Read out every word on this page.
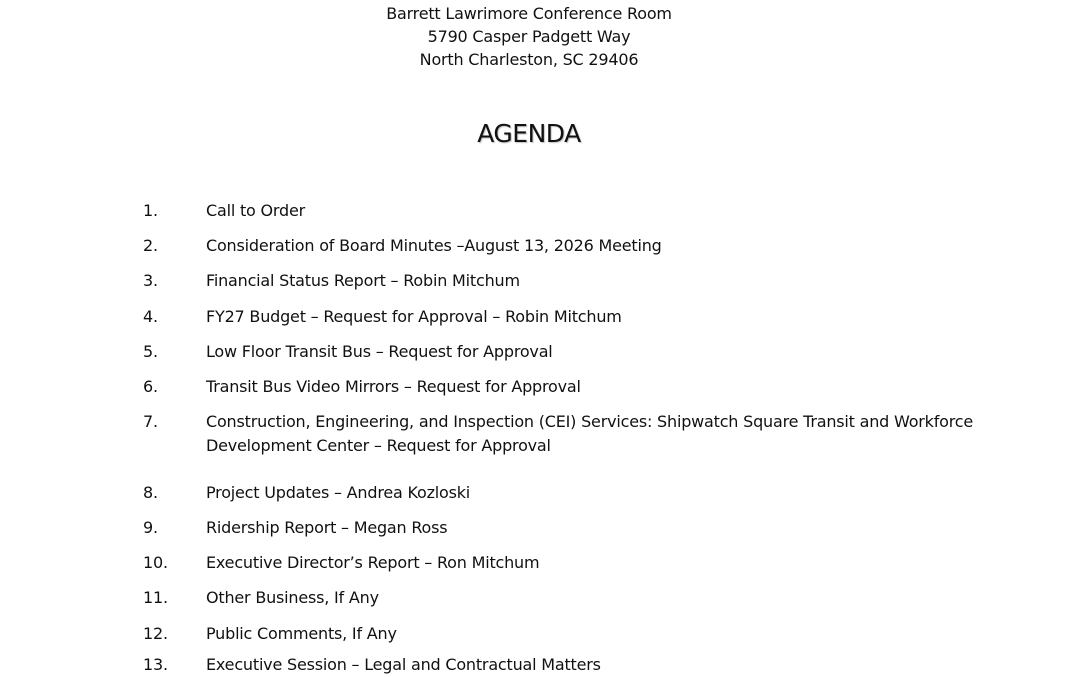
Barrett Lawrimore Conference Room
5790 Casper Padgett Way
North Charleston, SC 29406
AGENDA
1.	Call to Order
2.	Consideration of Board Minutes –August 13, 2026 Meeting
3.	Financial Status Report – Robin Mitchum
4.	FY27 Budget – Request for Approval – Robin Mitchum
5.	Low Floor Transit Bus – Request for Approval
6.	Transit Bus Video Mirrors – Request for Approval
7.	Construction, Engineering, and Inspection (CEI) Services: Shipwatch Square Transit and Workforce Development Center – Request for Approval
8.	Project Updates – Andrea Kozloski
9.	Ridership Report – Megan Ross
10.	Executive Director’s Report – Ron Mitchum
11.	Other Business, If Any
12.	Public Comments, If Any
13.	Executive Session – Legal and Contractual Matters
